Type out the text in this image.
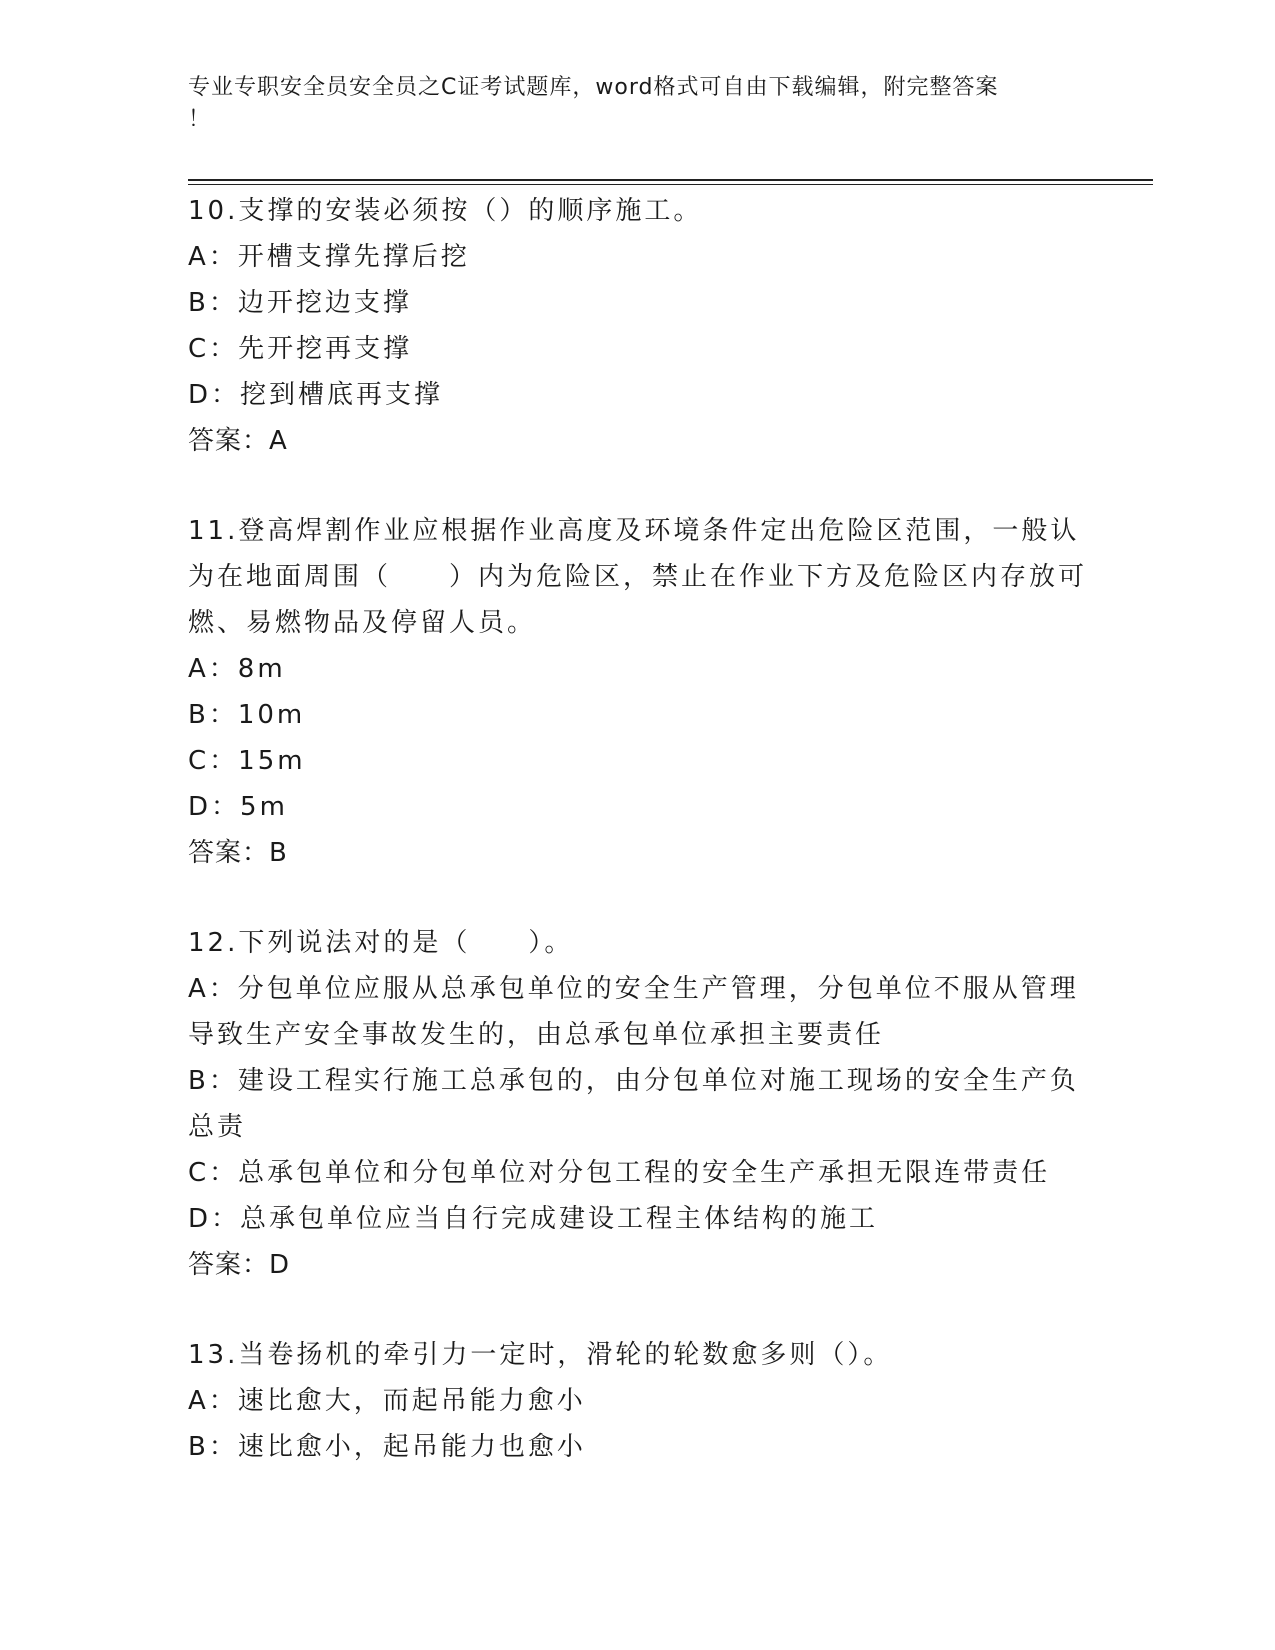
专业专职安全员安全员之C证考试题库，word格式可自由下载编辑，附完整答案
！
10.支撑的安装必须按（）的顺序施工。
A：开槽支撑先撑后挖
B：边开挖边支撑
C：先开挖再支撑
D：挖到槽底再支撑
答案：A
11.登高焊割作业应根据作业高度及环境条件定出危险区范围，一般认
为在地面周围（　　）内为危险区，禁止在作业下方及危险区内存放可
燃、易燃物品及停留人员。
A：8m
B：10m
C：15m
D：5m
答案：B
12.下列说法对的是（　　）。
A：分包单位应服从总承包单位的安全生产管理，分包单位不服从管理
导致生产安全事故发生的，由总承包单位承担主要责任
B：建设工程实行施工总承包的，由分包单位对施工现场的安全生产负
总责
C：总承包单位和分包单位对分包工程的安全生产承担无限连带责任
D：总承包单位应当自行完成建设工程主体结构的施工
答案：D
13.当卷扬机的牵引力一定时，滑轮的轮数愈多则（）。
A：速比愈大，而起吊能力愈小
B：速比愈小，起吊能力也愈小
